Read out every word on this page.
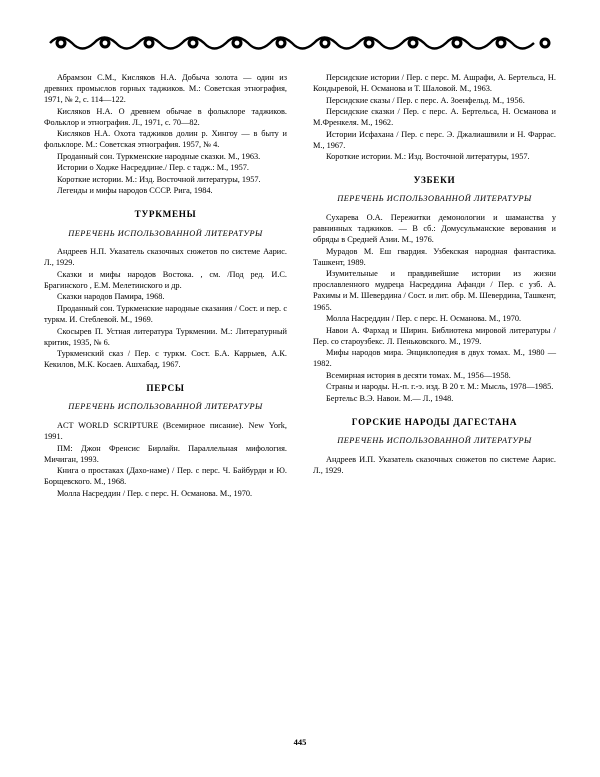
Абрамзон С.М., Кисляков Н.А. Добыча золота — один из древних промыслов горных таджиков. М.: Советская этнография, 1971, № 2, с. 114—122.

Кисляков Н.А. О древнем обычае в фольклоре таджиков. Фольклор и этнография. Л., 1971, с. 70—82.

Кисляков Н.А. Охота таджиков долин р. Хингоу — в быту и фольклоре. М.: Советская этнография. 1957, № 4.

Проданный сон. Туркменские народные сказки. М., 1963.

Истории о Ходже Насреддине./ Пер. с тадж.: М., 1957.

Короткие истории. М.: Изд. Восточной литературы, 1957.

Легенды и мифы народов СССР. Рига, 1984.

ТУРКМЕНЫ
ПЕРЕЧЕНЬ ИСПОЛЬЗОВАННОЙ ЛИТЕРАТУРЫ

Андреев Н.П. Указатель сказочных сюжетов по системе Аарис. Л., 1929.

Сказки и мифы народов Востока. , см. /Под ред. И.С. Брагинского , Е.М. Мелетинского и др.

Сказки народов Памира, 1968.

Проданный сон. Туркменские народные сказания / Сост. и пер. с туркм. И. Стеблевой. М., 1969.

Скосырев П. Устная литература Туркмении. М.: Литературный критик, 1935, № 6.

Туркменский сказ / Пер. с туркм. Сост. Б.А. Каррыев, А.К. Кекилов, М.К. Косаев. Ашхабад, 1967.

ПЕРСЫ
ПЕРЕЧЕНЬ ИСПОЛЬЗОВАННОЙ ЛИТЕРАТУРЫ

ACT WORLD SCRIPTURE (Всемирное писание). New York, 1991.

ПМ: Джон Френсис Бирлайн. Параллельная мифология. Мичиган, 1993.

Книга о простаках (Дахо-наме) / Пер. с перс. Ч. Байбурди и Ю. Борщевского. М., 1968.

Молла Насреддин / Пер. с перс. Н. Османова. М., 1970.

Персидские истории / Пер. с перс. М. Ашрафи, А. Бертельса, Н. Кондыревой, Н. Османова и Т. Шаловой. М., 1963.

Персидские сказы / Пер. с перс. А. Зоенфельд. М., 1956.

Персидские сказки / Пер. с перс. А. Бертельса, Н. Османова и М.Френкеля. М., 1962.

Истории Исфахана / Пер. с перс. Э. Джалиашвили и Н. Фаррас. М., 1967.

Короткие истории. М.: Изд. Восточной литературы, 1957.

УЗБЕКИ
ПЕРЕЧЕНЬ ИСПОЛЬЗОВАННОЙ ЛИТЕРАТУРЫ

Сухарева О.А. Пережитки демонологии и шаманства у равнинных таджиков. — В сб.: Домусульманские верования и обряды в Средней Азии. М., 1976.

Мурадов М. Еш гвардия. Узбекская народная фантастика. Ташкент, 1989.

Изумительные и правдивейшие истории из жизни прославленного мудреца Насреддина Афанди / Пер. с узб. А. Рахимы и М. Шевердина / Сост. и лит. обр. М. Шевердина, Ташкент, 1965.

Молла Насреддин / Пер. с перс. Н. Османова. М., 1970.

Навои А. Фархад и Ширин. Библиотека мировой литературы / Пер. со староузбекс. Л. Пеньковского. М., 1979.

Мифы народов мира. Энциклопедия в двух томах. М., 1980 — 1982.

Всемирная история в десяти томах. М., 1956—1958.

Страны и народы. Н.-п. г.-э. изд. В 20 т. М.: Мысль, 1978—1985.

Бертельс В.Э. Навои. М.— Л., 1948.

ГОРСКИЕ НАРОДЫ ДАГЕСТАНА
ПЕРЕЧЕНЬ ИСПОЛЬЗОВАННОЙ ЛИТЕРАТУРЫ

Андреев И.П. Указатель сказочных сюжетов по системе Аарис. Л., 1929.

445
